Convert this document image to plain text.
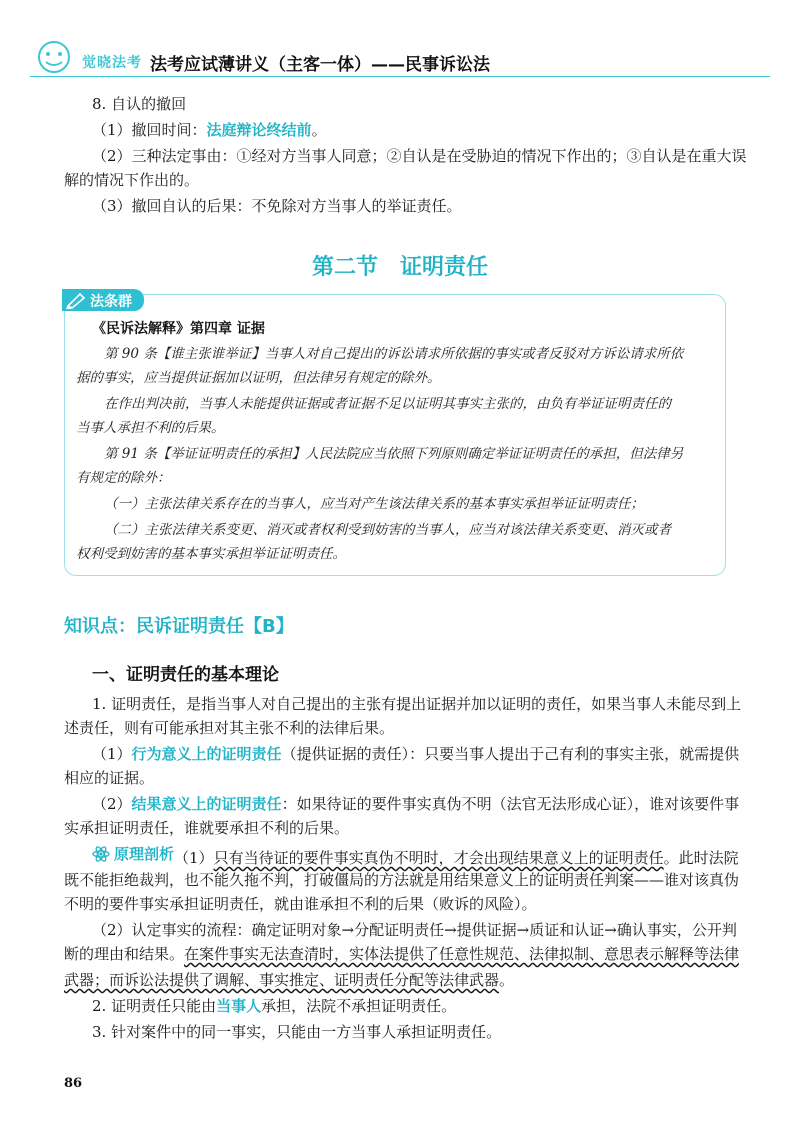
觉晓法考 法考应试薄讲义（主客一体）——民事诉讼法
8. 自认的撤回
（1）撤回时间：法庭辩论终结前。
（2）三种法定事由：①经对方当事人同意；②自认是在受胁迫的情况下作出的；③自认是在重大误
解的情况下作出的。
（3）撤回自认的后果：不免除对方当事人的举证责任。
第二节　证明责任
法条群
《民诉法解释》第四章 证据
第 90 条【谁主张谁举证】当事人对自己提出的诉讼请求所依据的事实或者反驳对方诉讼请求所依
据的事实，应当提供证据加以证明，但法律另有规定的除外。
在作出判决前，当事人未能提供证据或者证据不足以证明其事实主张的，由负有举证证明责任的
当事人承担不利的后果。
第 91 条【举证证明责任的承担】人民法院应当依照下列原则确定举证证明责任的承担，但法律另
有规定的除外：
（一）主张法律关系存在的当事人，应当对产生该法律关系的基本事实承担举证证明责任；
（二）主张法律关系变更、消灭或者权利受到妨害的当事人，应当对该法律关系变更、消灭或者
权利受到妨害的基本事实承担举证证明责任。
知识点：民诉证明责任【B】
一、证明责任的基本理论
1. 证明责任，是指当事人对自己提出的主张有提出证据并加以证明的责任，如果当事人未能尽到上
述责任，则有可能承担对其主张不利的法律后果。
（1）行为意义上的证明责任（提供证据的责任）：只要当事人提出于己有利的事实主张，就需提供
相应的证据。
（2）结果意义上的证明责任：如果待证的要件事实真伪不明（法官无法形成心证），谁对该要件事
实承担证明责任，谁就要承担不利的后果。
原理剖析 （1）只有当待证的要件事实真伪不明时，才会出现结果意义上的证明责任。此时法院
既不能拒绝裁判，也不能久拖不判，打破僵局的方法就是用结果意义上的证明责任判案——谁对该真伪
不明的要件事实承担证明责任，就由谁承担不利的后果（败诉的风险）。
（2）认定事实的流程：确定证明对象→分配证明责任→提供证据→质证和认证→确认事实，公开判
断的理由和结果。在案件事实无法查清时，实体法提供了任意性规范、法律拟制、意思表示解释等法律
武器；而诉讼法提供了调解、事实推定、证明责任分配等法律武器。
2. 证明责任只能由当事人承担，法院不承担证明责任。
3. 针对案件中的同一事实，只能由一方当事人承担证明责任。
86
